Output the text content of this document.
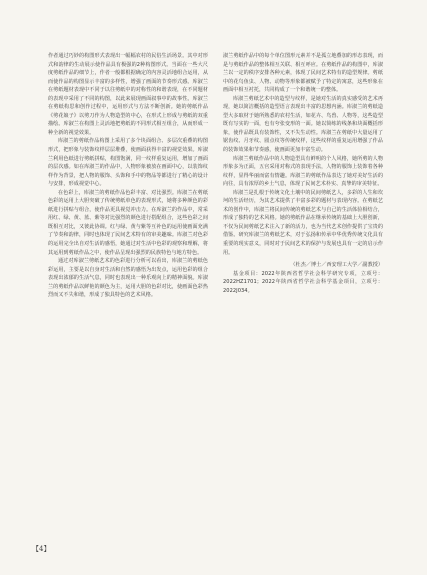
作者通过巧妙的构图形式表现出一幅幅农村的民俗生活场景。其中对形式和韵律的生动展示使作品具有极强的2种构图形式。当面在一些大尺度剪纸作品的细节上，作者一般都根据确定的内容灵活地组合运用，从而使作品的构图显示丰富的多样性，增强了画面的节奏形式感。库淑兰在剪纸题材表现中不同于以往剪纸中的对称性的和谐表现，在不同题材的表现中采用了不同的构图，以此来展现画面叙事中的故事性。库淑兰在剪纸构思和创作过程中，运用形式与方法不断创新。她的剪纸作品《剪花娘子》以剪刀作为人物造型的中心，在形式上形成与剪纸的双重描绘。库淑兰在构图上灵活地把剪纸的不同形式相互组合，从而形成一种全新的视觉效果。

库淑兰的剪纸作品构图上采用了多个块面组合、多层次重叠的构图形式，把形象与装饰纹样层层堆叠，使画面获得丰富的视觉效果。库淑兰利用色纸进行剪纸拼贴，构图饱满，同一纹样重复运用，增加了画面的层次感。如在库淑兰的作品中，人物形象被放在画面中心，以装饰纹样作为背景，把人物的服饰、头饰和手中的物品等都进行了精心的设计与安排，形成视觉中心。

在色彩上，库淑兰的剪纸作品色彩丰富、对比强烈。库淑兰在剪纸色彩的运用上大胆突破了传统剪纸单色的表现形式，她将多种颜色的彩纸进行拼贴与组合，使作品更具视觉冲击力。在库淑兰的作品中，常采用红、绿、黄、蓝、紫等对比强烈的颜色进行搭配组合，这些色彩之间既相互对比，又彼此协调。红与绿、黄与紫等互补色的运用使画面充满了节奏和韵律，同时也体现了民间艺术特有的审美趣味。库淑兰对色彩的运用完全出自对生活的感悟，她通过对生活中色彩的观察和理解，将其运用到剪纸作品之中，使作品呈现出强烈的民族特色与地方特色。

通过对库淑兰剪纸艺术的色彩进行分析可以看出，库淑兰的剪纸色彩运用，主要是以自身对生活和自然的感悟为出发点，运用色彩的组合表现出浓郁的生活气息，同时也表现出一种乐观向上的精神面貌。库淑兰的剪纸作品以鲜艳的颜色为主，运用大胆的色彩对比，使画面色彩热烈而又不失和谐，形成了独具特色的艺术风格。

淑兰剪纸作品中的每个单位图形元素并不是孤立地叠加的形态表现，而是与剪纸作品的整体相互关联、相互呼应。在剪纸作品的构图中，库淑兰以一定的秩序安排各种元素，体现了民间艺术特有的造型规律。剪纸中的花鸟鱼虫、人物、动物等形象都被赋予了特定的寓意，这些形象在画面中相互衬托，共同构成了一个和谐统一的整体。

库淑兰剪纸艺术中的造型与纹样，是她对生活的真实感受的艺术再现，她以简洁概括的造型语言表现出丰富的思想内涵。库淑兰的剪纸造型大多取材于她所熟悉的农村生活，如花卉、鸟兽、人物等，这些造型既有写实的一面，也有夸张变形的一面。她以简练的线条和块面概括形象，使作品既具有装饰性，又不失生动性。库淑兰在剪纸中大量运用了锯齿纹、月牙纹、圆点纹等传统纹样，这些纹样的重复运用增强了作品的装饰效果和节奏感，使画面更加丰富生动。

库淑兰剪纸作品中的人物造型具有鲜明的个人风格，她所剪的人物形象多为正面，五官采用对称式的表现手法，人物的服饰上装饰着各种纹样，显得华丽而富有情趣。库淑兰的剪纸作品表达了她对美好生活的向往，具有浓厚的乡土气息，体现了民间艺术朴实、真挚的审美特征。

库淑兰是扎根于传统文化土壤中的民间剪纸艺人，多彩的人生和坎坷的生活经历，为其艺术提供了丰富多彩的题材与表现内容。在剪纸艺术的创作中，库淑兰将民间传统的剪纸艺术与自己的生活体验相结合，形成了独特的艺术风格。她的剪纸作品在继承传统的基础上大胆创新，不仅为民间剪纸艺术注入了新的活力，也为当代艺术创作提供了宝贵的借鉴。研究库淑兰的剪纸艺术，对于弘扬和传承中华优秀传统文化具有重要的现实意义，同时对于民间艺术的保护与发展也具有一定的启示作用。

（杜杰／博士／西安理工大学／副教授）

基金项目：2022年陕西省哲学社会科学研究专项，立项号：2022HZ1701；2022年陕西省哲学社会科学基金项目，立项号：2022J034。

【4】
